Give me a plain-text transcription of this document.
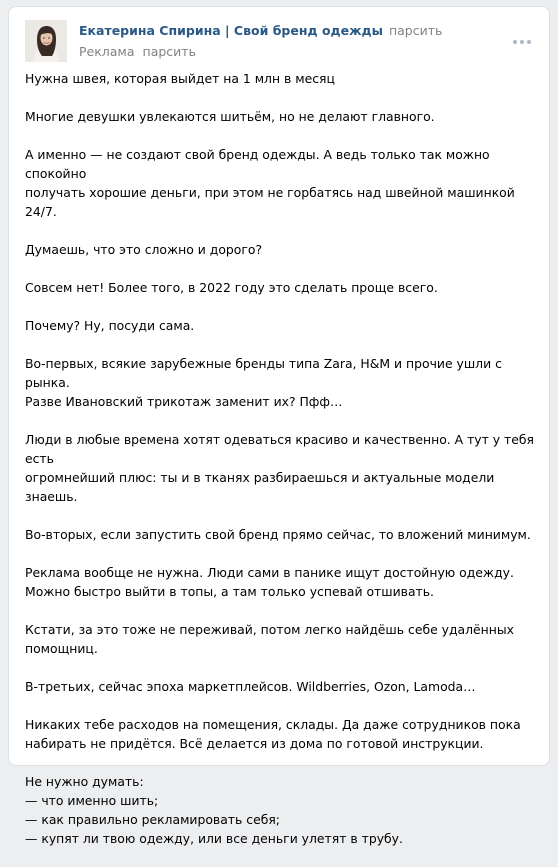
Екатерина Спирина | Свой бренд одежды парсить
Реклама парсить

Нужна швея, которая выйдет на 1 млн в месяц

Многие девушки увлекаются шитьём, но не делают главного.

А именно — не создают свой бренд одежды. А ведь только так можно спокойно
получать хорошие деньги, при этом не горбатясь над швейной машинкой 24/7.

Думаешь, что это сложно и дорого?

Совсем нет! Более того, в 2022 году это сделать проще всего.

Почему? Ну, посуди сама.

Во-первых, всякие зарубежные бренды типа Zara, H&M и прочие ушли с рынка.
Разве Ивановский трикотаж заменит их? Пфф…

Люди в любые времена хотят одеваться красиво и качественно. А тут у тебя есть
огромнейший плюс: ты и в тканях разбираешься и актуальные модели знаешь.

Во-вторых, если запустить свой бренд прямо сейчас, то вложений минимум.

Реклама вообще не нужна. Люди сами в панике ищут достойную одежду.
Можно быстро выйти в топы, а там только успевай отшивать.

Кстати, за это тоже не переживай, потом легко найдёшь себе удалённых
помощниц.

В-третьих, сейчас эпоха маркетплейсов. Wildberries, Ozon, Lamoda…

Никаких тебе расходов на помещения, склады. Да даже сотрудников пока
набирать не придётся. Всё делается из дома по готовой инструкции.

Не нужно думать:
— что именно шить;
— как правильно рекламировать себя;
— купят ли твою одежду, или все деньги улетят в трубу.
